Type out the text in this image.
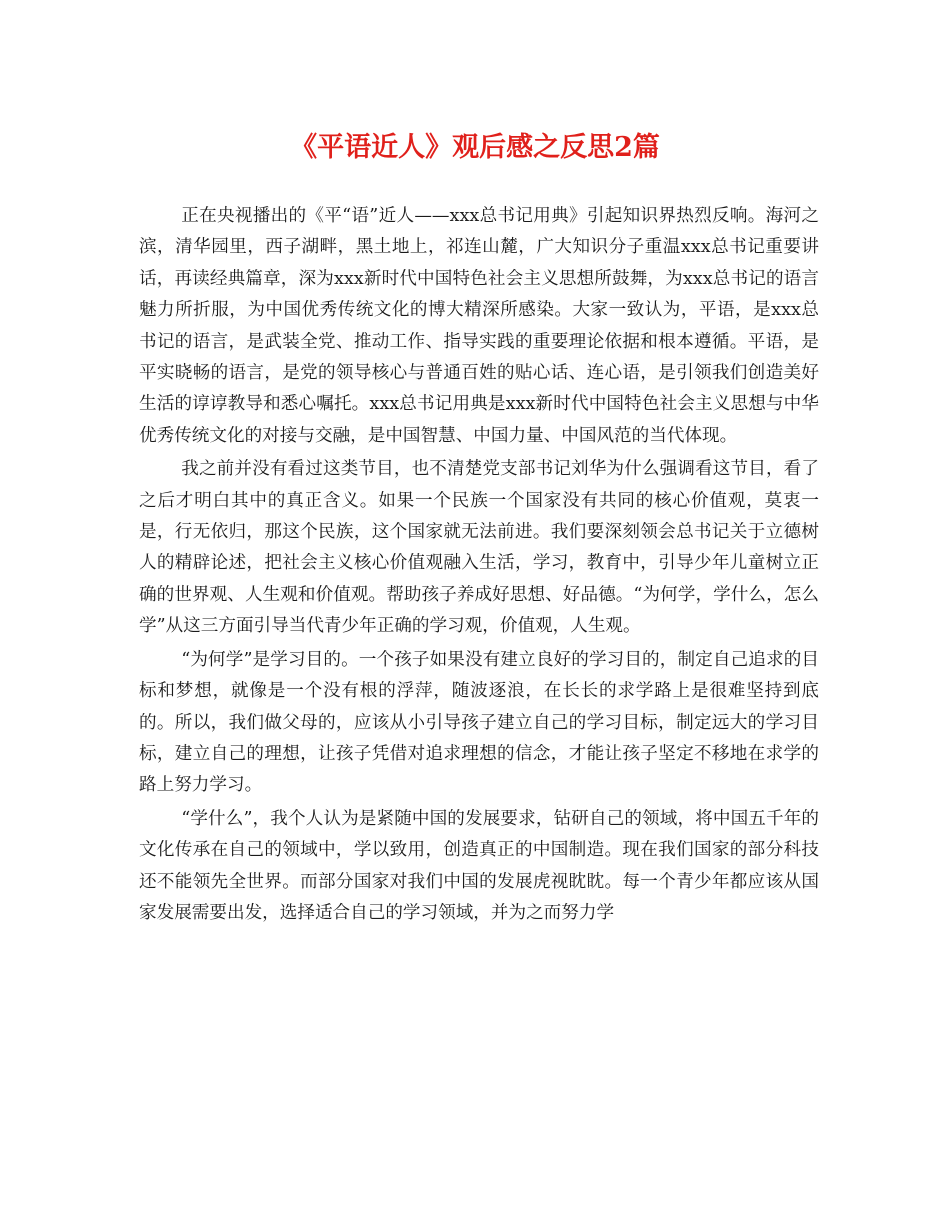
《平语近人》观后感之反思2篇

正在央视播出的《平“语”近人——xxx总书记用典》引起知识界热烈反响。海河之滨，清华园里，西子湖畔，黑土地上，祁连山麓，广大知识分子重温xxx总书记重要讲话，再读经典篇章，深为xxx新时代中国特色社会主义思想所鼓舞，为xxx总书记的语言魅力所折服，为中国优秀传统文化的博大精深所感染。大家一致认为，平语，是xxx总书记的语言，是武装全党、推动工作、指导实践的重要理论依据和根本遵循。平语，是平实晓畅的语言，是党的领导核心与普通百姓的贴心话、连心语，是引领我们创造美好生活的谆谆教导和悉心嘱托。xxx总书记用典是xxx新时代中国特色社会主义思想与中华优秀传统文化的对接与交融，是中国智慧、中国力量、中国风范的当代体现。

我之前并没有看过这类节目，也不清楚党支部书记刘华为什么强调看这节目，看了之后才明白其中的真正含义。如果一个民族一个国家没有共同的核心价值观，莫衷一是，行无依归，那这个民族，这个国家就无法前进。我们要深刻领会总书记关于立德树人的精辟论述，把社会主义核心价值观融入生活，学习，教育中，引导少年儿童树立正确的世界观、人生观和价值观。帮助孩子养成好思想、好品德。“为何学，学什么，怎么学”从这三方面引导当代青少年正确的学习观，价值观，人生观。

“为何学”是学习目的。一个孩子如果没有建立良好的学习目的，制定自己追求的目标和梦想，就像是一个没有根的浮萍，随波逐浪，在长长的求学路上是很难坚持到底的。所以，我们做父母的，应该从小引导孩子建立自己的学习目标，制定远大的学习目标，建立自己的理想，让孩子凭借对追求理想的信念，才能让孩子坚定不移地在求学的路上努力学习。

“学什么”，我个人认为是紧随中国的发展要求，钻研自己的领域，将中国五千年的文化传承在自己的领域中，学以致用，创造真正的中国制造。现在我们国家的部分科技还不能领先全世界。而部分国家对我们中国的发展虎视眈眈。每一个青少年都应该从国家发展需要出发，选择适合自己的学习领域，并为之而努力学
